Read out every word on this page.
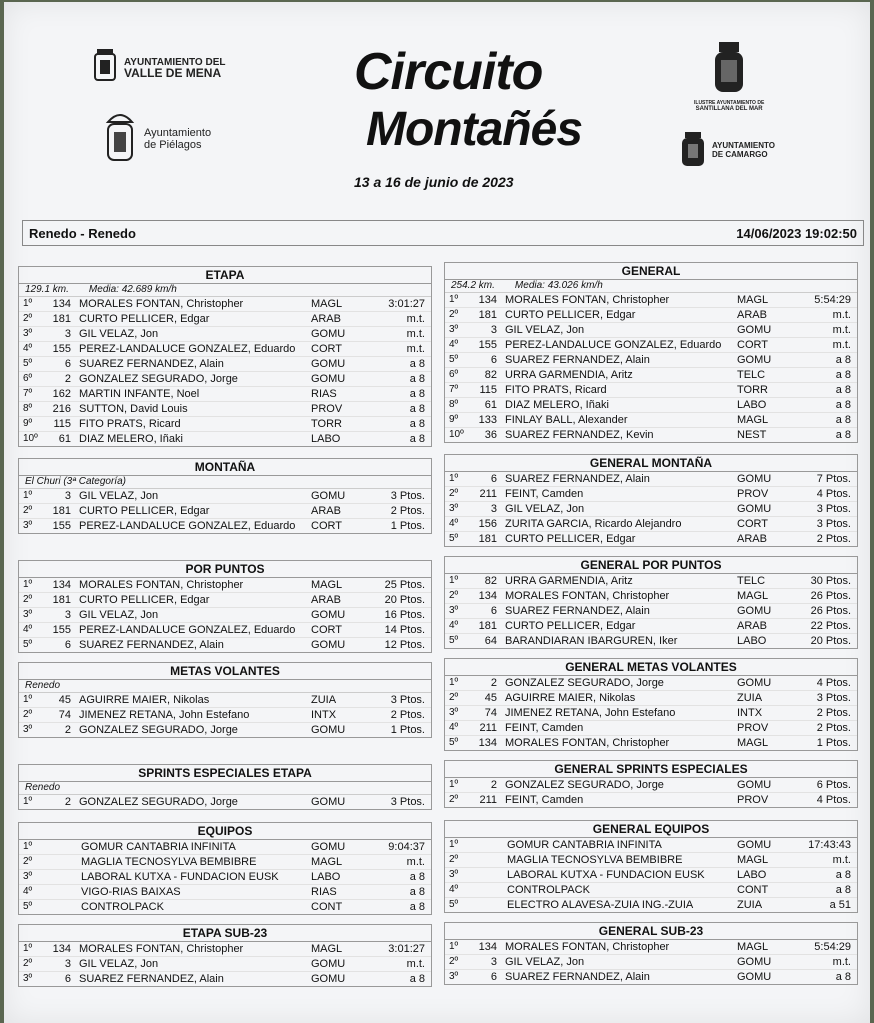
AYUNTAMIENTO DEL
VALLE DE MENA
Ayuntamiento
de Piélagos
Circuito
Montañés
13 a 16 de junio de 2023
ILUSTRE AYUNTAMIENTO DE
SANTILLANA DEL MAR
AYUNTAMIENTO
DE CAMARGO
Renedo - Renedo	14/06/2023 19:02:50
ETAPA
129.1 km. Media: 42.689 km/h
1º	134 MORALES FONTAN, Christopher	MAGL	3:01:27
2º	181 CURTO PELLICER, Edgar	ARAB	m.t.
3º	3 GIL VELAZ, Jon	GOMU	m.t.
4º	155 PEREZ-LANDALUCE GONZALEZ, Eduardo	CORT	m.t.
5º	6 SUAREZ FERNANDEZ, Alain	GOMU	a 8
6º	2 GONZALEZ SEGURADO, Jorge	GOMU	a 8
7º	162 MARTIN INFANTE, Noel	RIAS	a 8
8º	216 SUTTON, David Louis	PROV	a 8
9º	115 FITO PRATS, Ricard	TORR	a 8
10º	61 DIAZ MELERO, Iñaki	LABO	a 8
MONTAÑA
El Churi (3ª Categoría)
1º	3 GIL VELAZ, Jon	GOMU	3 Ptos.
2º	181 CURTO PELLICER, Edgar	ARAB	2 Ptos.
3º	155 PEREZ-LANDALUCE GONZALEZ, Eduardo	CORT	1 Ptos.
POR PUNTOS
1º	134 MORALES FONTAN, Christopher	MAGL	25 Ptos.
2º	181 CURTO PELLICER, Edgar	ARAB	20 Ptos.
3º	3 GIL VELAZ, Jon	GOMU	16 Ptos.
4º	155 PEREZ-LANDALUCE GONZALEZ, Eduardo	CORT	14 Ptos.
5º	6 SUAREZ FERNANDEZ, Alain	GOMU	12 Ptos.
METAS VOLANTES
Renedo
1º	45 AGUIRRE MAIER, Nikolas	ZUIA	3 Ptos.
2º	74 JIMENEZ RETANA, John Estefano	INTX	2 Ptos.
3º	2 GONZALEZ SEGURADO, Jorge	GOMU	1 Ptos.
SPRINTS ESPECIALES ETAPA
Renedo
1º	2 GONZALEZ SEGURADO, Jorge	GOMU	3 Ptos.
EQUIPOS
1º	GOMUR CANTABRIA INFINITA	GOMU	9:04:37
2º	MAGLIA TECNOSYLVA BEMBIBRE	MAGL	m.t.
3º	LABORAL KUTXA - FUNDACION EUSK	LABO	a 8
4º	VIGO-RIAS BAIXAS	RIAS	a 8
5º	CONTROLPACK	CONT	a 8
ETAPA SUB-23
1º	134 MORALES FONTAN, Christopher	MAGL	3:01:27
2º	3 GIL VELAZ, Jon	GOMU	m.t.
3º	6 SUAREZ FERNANDEZ, Alain	GOMU	a 8
GENERAL
254.2 km. Media: 43.026 km/h
1º	134 MORALES FONTAN, Christopher	MAGL	5:54:29
2º	181 CURTO PELLICER, Edgar	ARAB	m.t.
3º	3 GIL VELAZ, Jon	GOMU	m.t.
4º	155 PEREZ-LANDALUCE GONZALEZ, Eduardo	CORT	m.t.
5º	6 SUAREZ FERNANDEZ, Alain	GOMU	a 8
6º	82 URRA GARMENDIA, Aritz	TELC	a 8
7º	115 FITO PRATS, Ricard	TORR	a 8
8º	61 DIAZ MELERO, Iñaki	LABO	a 8
9º	133 FINLAY BALL, Alexander	MAGL	a 8
10º	36 SUAREZ FERNANDEZ, Kevin	NEST	a 8
GENERAL MONTAÑA
1º	6 SUAREZ FERNANDEZ, Alain	GOMU	7 Ptos.
2º	211 FEINT, Camden	PROV	4 Ptos.
3º	3 GIL VELAZ, Jon	GOMU	3 Ptos.
4º	156 ZURITA GARCIA, Ricardo Alejandro	CORT	3 Ptos.
5º	181 CURTO PELLICER, Edgar	ARAB	2 Ptos.
GENERAL POR PUNTOS
1º	82 URRA GARMENDIA, Aritz	TELC	30 Ptos.
2º	134 MORALES FONTAN, Christopher	MAGL	26 Ptos.
3º	6 SUAREZ FERNANDEZ, Alain	GOMU	26 Ptos.
4º	181 CURTO PELLICER, Edgar	ARAB	22 Ptos.
5º	64 BARANDIARAN IBARGUREN, Iker	LABO	20 Ptos.
GENERAL METAS VOLANTES
1º	2 GONZALEZ SEGURADO, Jorge	GOMU	4 Ptos.
2º	45 AGUIRRE MAIER, Nikolas	ZUIA	3 Ptos.
3º	74 JIMENEZ RETANA, John Estefano	INTX	2 Ptos.
4º	211 FEINT, Camden	PROV	2 Ptos.
5º	134 MORALES FONTAN, Christopher	MAGL	1 Ptos.
GENERAL SPRINTS ESPECIALES
1º	2 GONZALEZ SEGURADO, Jorge	GOMU	6 Ptos.
2º	211 FEINT, Camden	PROV	4 Ptos.
GENERAL EQUIPOS
1º	GOMUR CANTABRIA INFINITA	GOMU	17:43:43
2º	MAGLIA TECNOSYLVA BEMBIBRE	MAGL	m.t.
3º	LABORAL KUTXA - FUNDACION EUSK	LABO	a 8
4º	CONTROLPACK	CONT	a 8
5º	ELECTRO ALAVESA-ZUIA ING.-ZUIA	ZUIA	a 51
GENERAL SUB-23
1º	134 MORALES FONTAN, Christopher	MAGL	5:54:29
2º	3 GIL VELAZ, Jon	GOMU	m.t.
3º	6 SUAREZ FERNANDEZ, Alain	GOMU	a 8
